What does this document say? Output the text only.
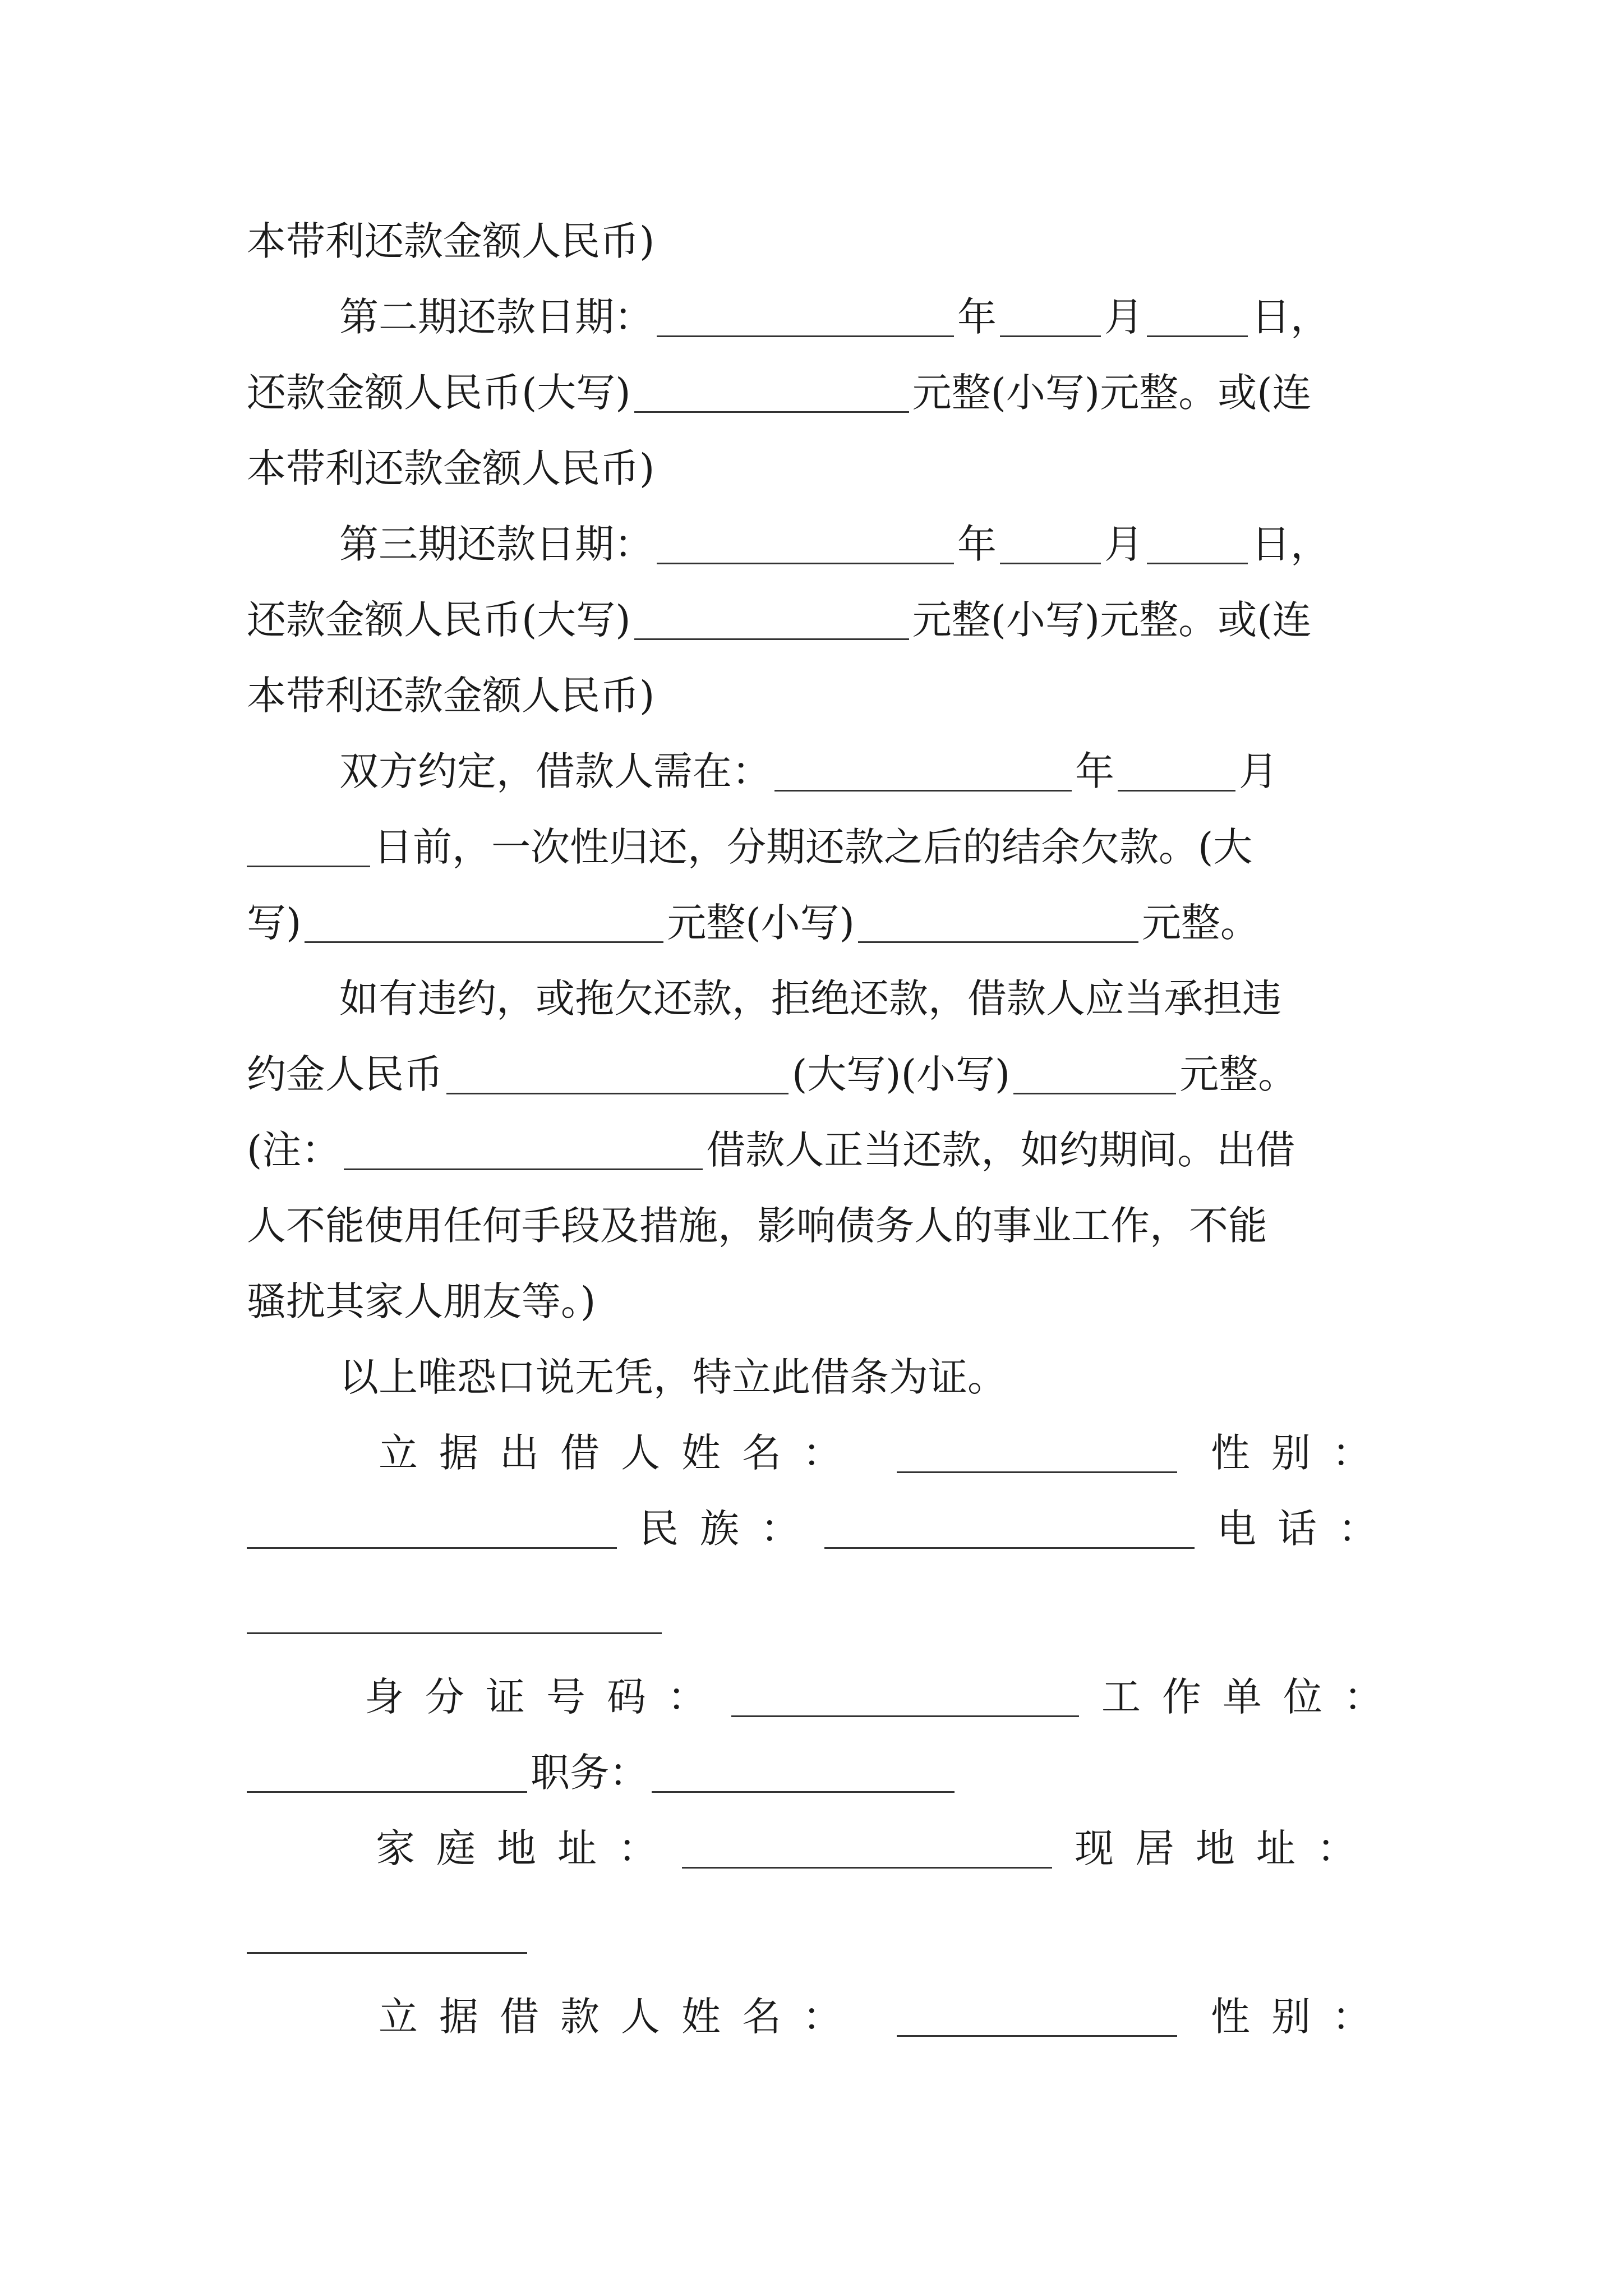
本带利还款金额人民币)
第二期还款日期：	年	月	日，
还款金额人民币(大写)	元整(小写)元整。或(连
本带利还款金额人民币)
第三期还款日期：	年	月	日，
还款金额人民币(大写)	元整(小写)元整。或(连
本带利还款金额人民币)
双方约定，借款人需在：	年	月
日前，一次性归还，分期还款之后的结余欠款。(大
写)	元整(小写)	元整。
如有违约，或拖欠还款，拒绝还款，借款人应当承担违
约金人民币	(大写)(小写)	元整。
(注：	借款人正当还款，如约期间。出借
人不能使用任何手段及措施，影响债务人的事业工作，不能
骚扰其家人朋友等。)
以上唯恐口说无凭，特立此借条为证。
立据出借人姓名：	性别：
民族：	电话：
身分证号码：	工作单位：
职务：
家庭地址：	现居地址：
立据借款人姓名：	性别：
